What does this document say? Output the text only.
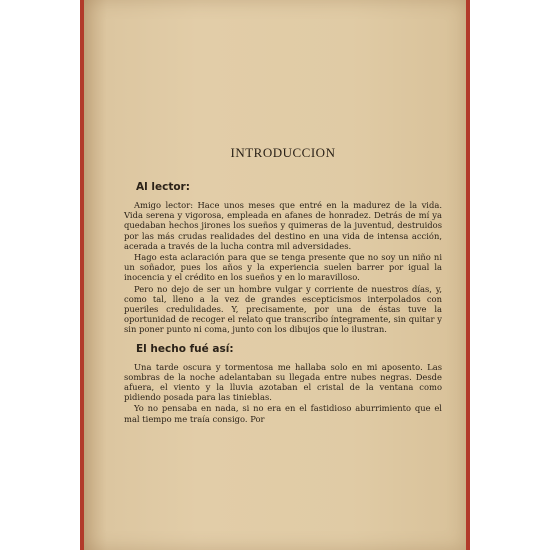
INTRODUCCION
Al lector:

Amigo lector: Hace unos meses que entré en la madurez de la vida. Vida serena y vigorosa, empleada en afanes de honradez. Detrás de mí ya quedaban hechos jirones los sueños y quimeras de la juventud, destruidos por las más crudas realidades del destino en una vida de intensa acción, acerada a través de la lucha contra mil adversidades.

Hago esta aclaración para que se tenga presente que no soy un niño ni un soñador, pues los años y la experiencia suelen barrer por igual la inocencia y el crédito en los sueños y en lo maravilloso.

Pero no dejo de ser un hombre vulgar y corriente de nuestros días, y, como tal, lleno a la vez de grandes escepticismos interpolados con pueriles credulidades. Y, precisamente, por una de éstas tuve la oportunidad de recoger el relato que transcribo íntegramente, sin quitar y sin poner punto ni coma, junto con los dibujos que lo ilustran.

El hecho fué así:

Una tarde oscura y tormentosa me hallaba solo en mi aposento. Las sombras de la noche adelantaban su llegada entre nubes negras. Desde afuera, el viento y la lluvia azotaban el cristal de la ventana como pidiendo posada para las tinieblas.

Yo no pensaba en nada, si no era en el fastidioso aburrimiento que el mal tiempo me traía consigo. Por
